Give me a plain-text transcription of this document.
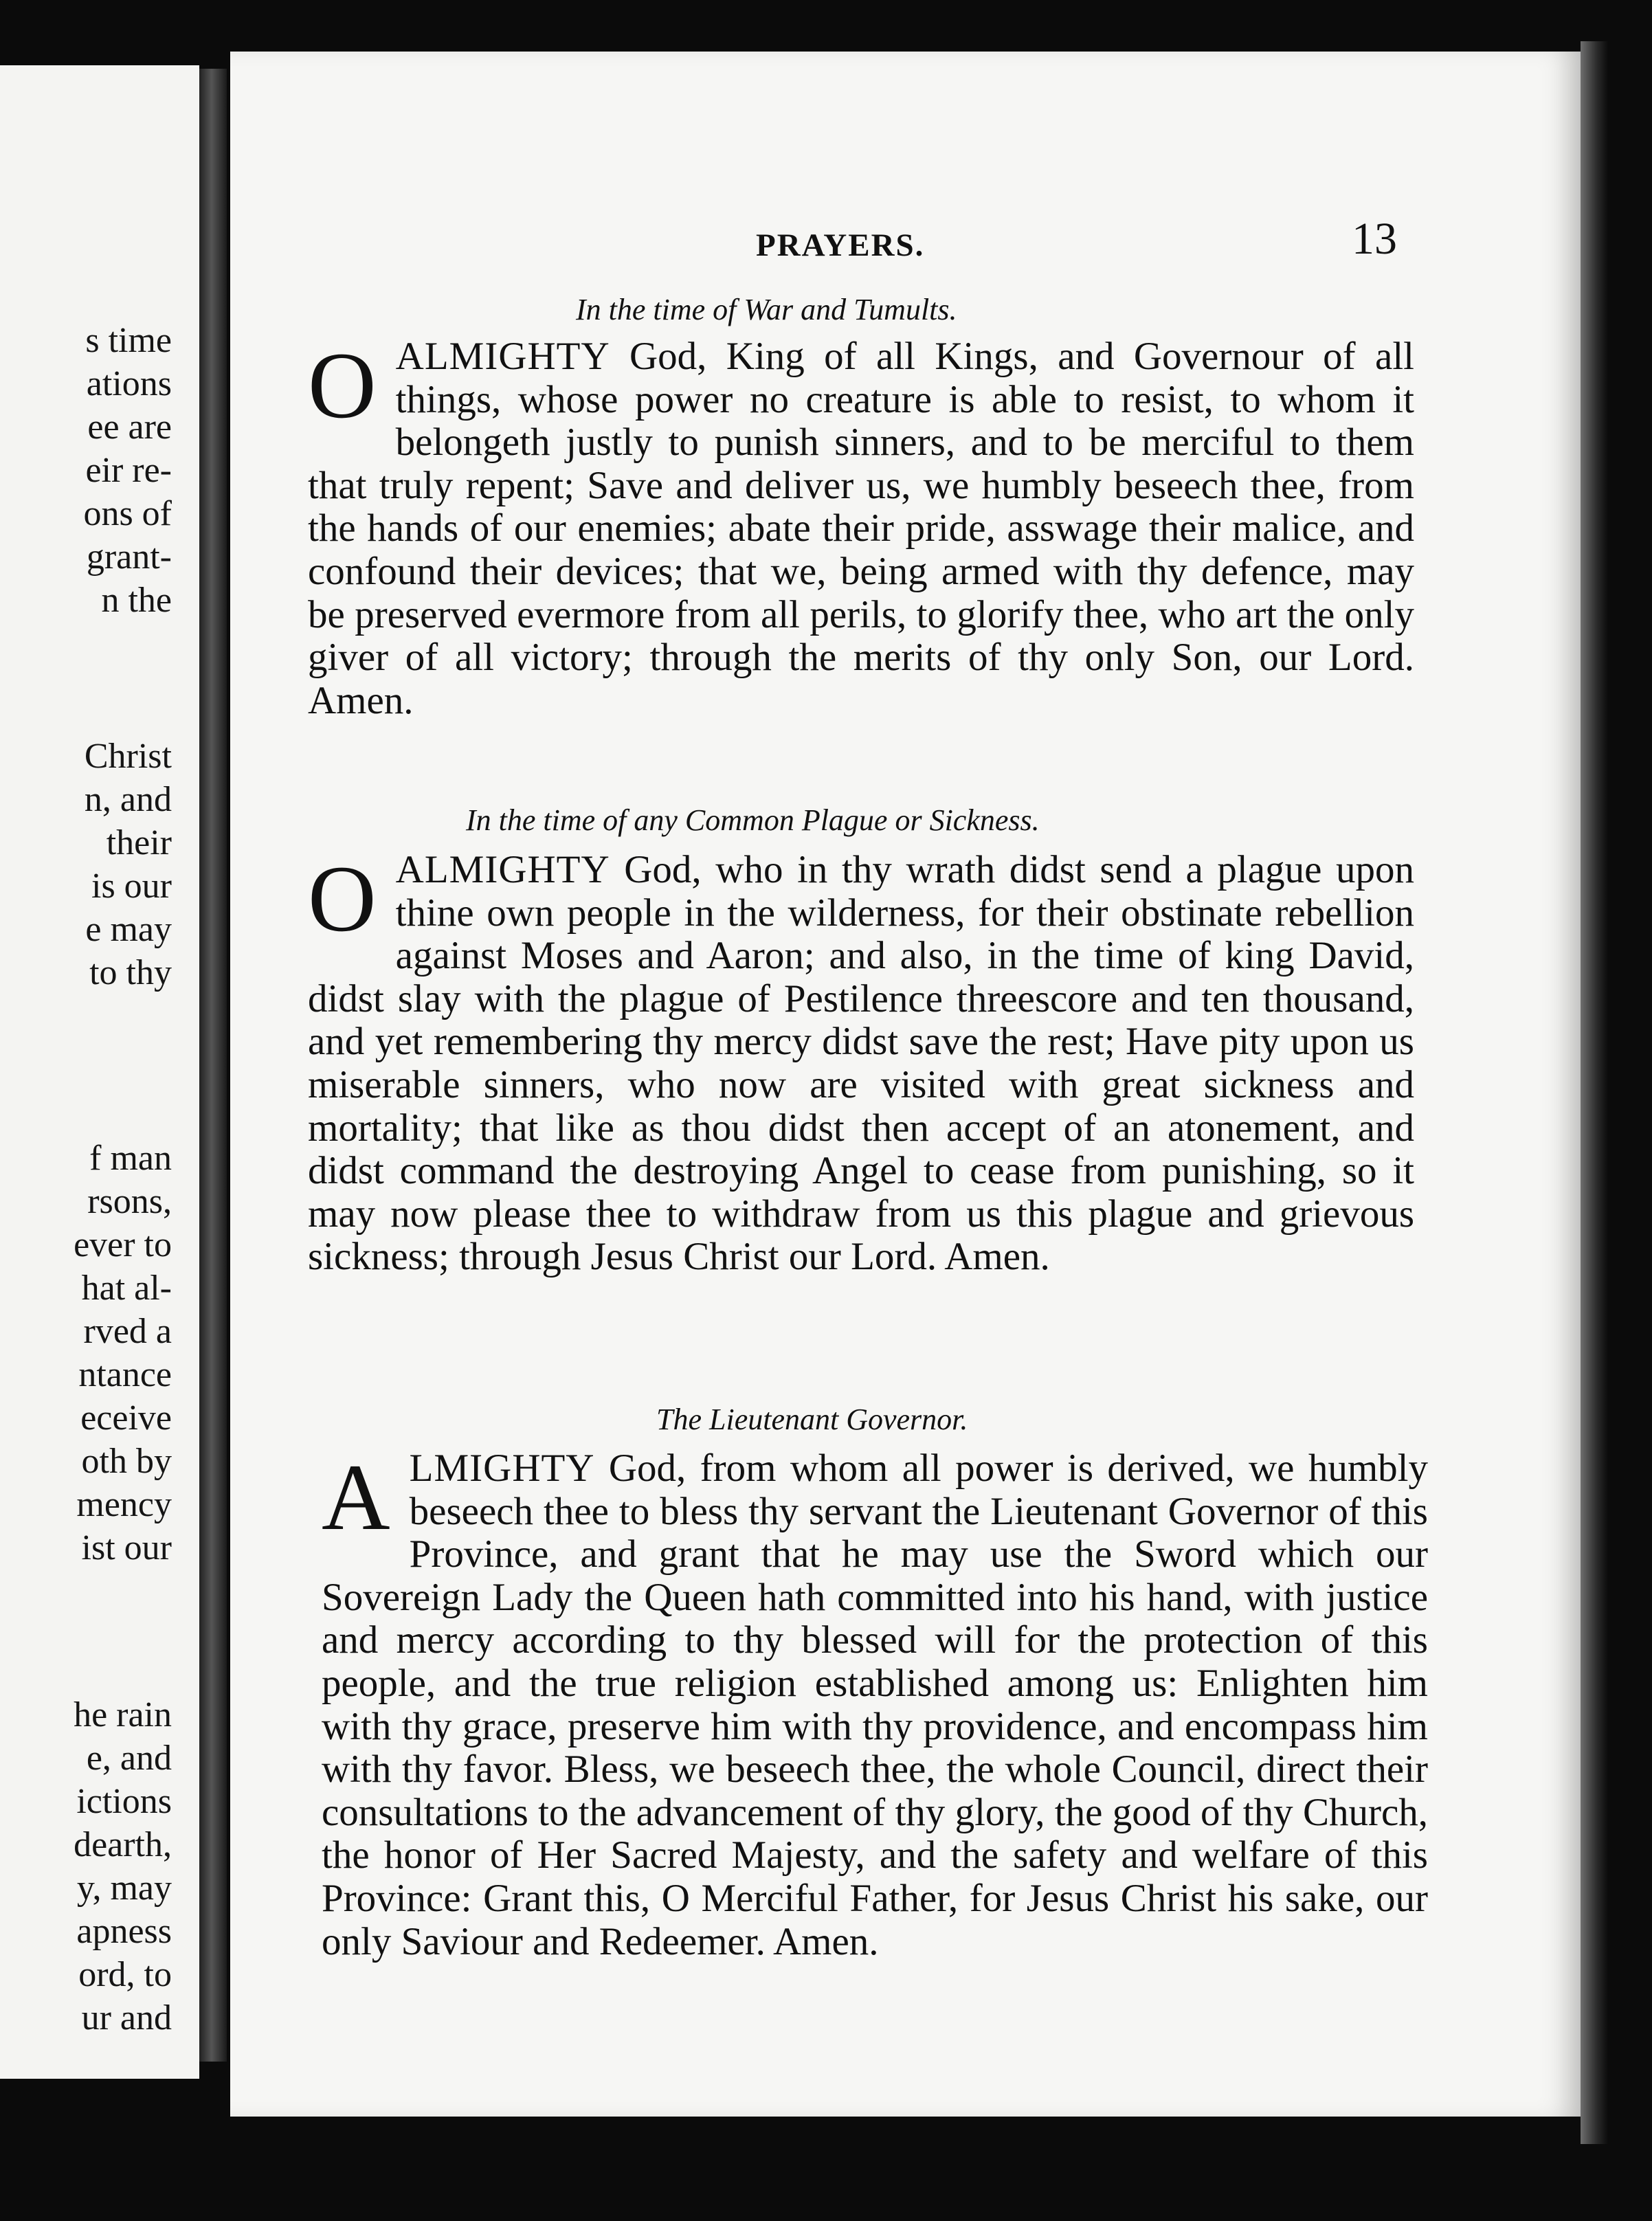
s time
ations
ee are
eir re-
ons of
grant-
n the
Christ
n, and
their
is our
e may
to thy
f man
rsons,
ever to
hat al-
rved a
ntance
eceive
oth by
mency
ist our
he rain
e, and
ictions
dearth,
y, may
apness
ord, to
ur and
PRAYERS.	13
In the time of War and Tumults.
OALMIGHTY God, King of all Kings, and Governour of all things, whose power no creature is able to resist, to whom it belongeth justly to punish sinners, and to be merciful to them that truly repent; Save and deliver us, we humbly beseech thee, from the hands of our enemies; abate their pride, asswage their malice, and confound their devices; that we, being armed with thy defence, may be preserved evermore from all perils, to glorify thee, who art the only giver of all victory; through the merits of thy only Son, our Lord. Amen.
In the time of any Common Plague or Sickness.
OALMIGHTY God, who in thy wrath didst send a plague upon thine own people in the wilderness, for their obstinate rebellion against Moses and Aaron; and also, in the time of king David, didst slay with the plague of Pestilence threescore and ten thousand, and yet remembering thy mercy didst save the rest; Have pity upon us miserable sinners, who now are visited with great sickness and mortality; that like as thou didst then accept of an atonement, and didst command the destroying Angel to cease from punishing, so it may now please thee to withdraw from us this plague and grievous sickness; through Jesus Christ our Lord. Amen.
The Lieutenant Governor.
ALMIGHTY God, from whom all power is derived, we humbly beseech thee to bless thy servant the Lieutenant Governor of this Province, and grant that he may use the Sword which our Sovereign Lady the Queen hath committed into his hand, with justice and mercy according to thy blessed will for the protection of this people, and the true religion established among us: Enlighten him with thy grace, preserve him with thy providence, and encompass him with thy favor. Bless, we beseech thee, the whole Council, direct their consultations to the advancement of thy glory, the good of thy Church, the honor of Her Sacred Majesty, and the safety and welfare of this Province: Grant this, O Merciful Father, for Jesus Christ his sake, our only Saviour and Redeemer. Amen.
